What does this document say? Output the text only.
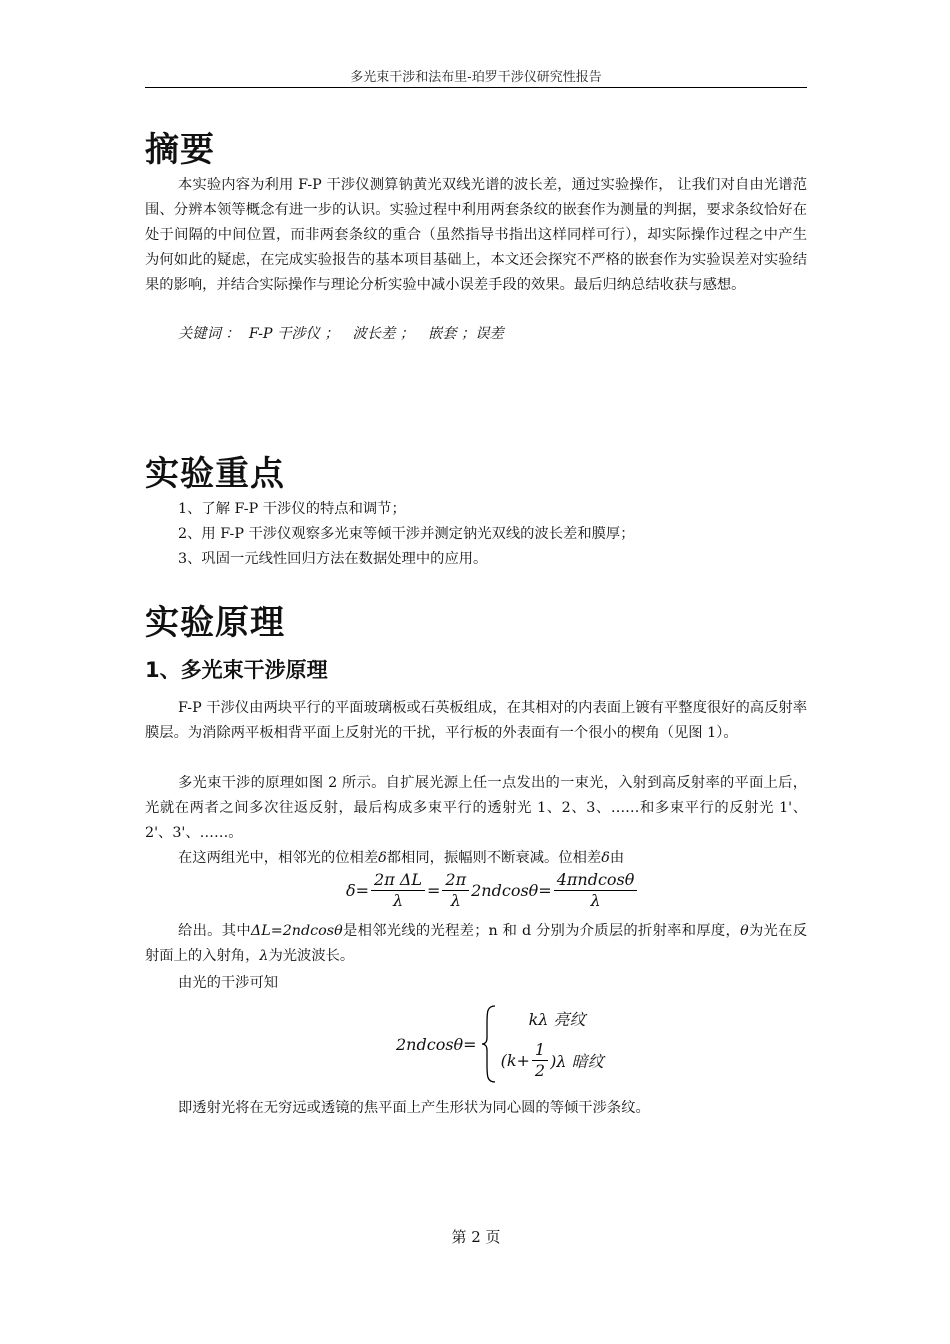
多光束干涉和法布里-珀罗干涉仪研究性报告
摘要

本实验内容为利用 F-P 干涉仪测算钠黄光双线光谱的波长差，通过实验操作， 让我们对自由光谱范围、分辨本领等概念有进一步的认识。实验过程中利用两套条纹的嵌套作为测量的判据，要求条纹恰好在处于间隔的中间位置，而非两套条纹的重合（虽然指导书指出这样同样可行），却实际操作过程之中产生为何如此的疑虑，在完成实验报告的基本项目基础上，本文还会探究不严格的嵌套作为实验误差对实验结果的影响，并结合实际操作与理论分析实验中减小误差手段的效果。最后归纳总结收获与感想。

关键词 ：  F-P 干涉仪 ；   波长差 ；   嵌套 ；误差
实验重点
1、了解 F-P 干涉仪的特点和调节；
2、用 F-P 干涉仪观察多光束等倾干涉并测定钠光双线的波长差和膜厚；
3、巩固一元线性回归方法在数据处理中的应用。
实验原理
1、多光束干涉原理

F-P 干涉仪由两块平行的平面玻璃板或石英板组成，在其相对的内表面上镀有平整度很好的高反射率膜层。为消除两平板相背平面上反射光的干扰，平行板的外表面有一个很小的楔角（见图 1）。

多光束干涉的原理如图 2 所示。自扩展光源上任一点发出的一束光，入射到高反射率的平面上后，光就在两者之间多次往返反射，最后构成多束平行的透射光 1、2、3、……和多束平行的反射光 1'、2'、3'、……。

在这两组光中，相邻光的位相差δ都相同，振幅则不断衰减。位相差δ由
$\delta= \frac{\text{2π ΔL}}{\lambda} = \frac{2\pi}{\lambda} 2ndcos\theta= \frac{\text{4πndcosθ}}{\lambda}$

给出。其中ΔL=2ndcosθ是相邻光线的光程差；n 和 d 分别为介质层的折射率和厚度，θ为光在反射面上的入射角，λ为光波波长。

由光的干涉可知
2ndcosθ=
kλ 亮纹
$(k+ \frac{1}{2} )\lambda$ 暗纹
即透射光将在无穷远或透镜的焦平面上产生形状为同心圆的等倾干涉条纹。
第 2 页
